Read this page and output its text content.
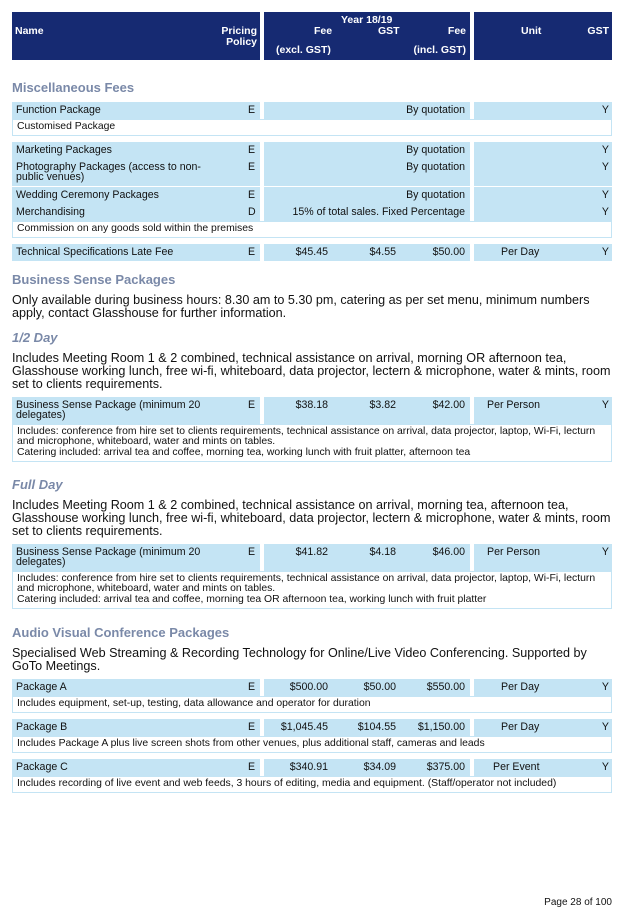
Name	Pricing
Policy
Year 18/19
Fee	GST	Fee
(excl. GST)	(incl. GST)
Unit	GST
Miscellaneous Fees
Function Package	E	By quotation	Y
Customised Package
Marketing Packages	E	By quotation	Y
Photography Packages (access to non-
public venues)
E	By quotation	Y
Wedding Ceremony Packages	E	By quotation	Y
Merchandising	D	15% of total sales. Fixed Percentage	Y
Commission on any goods sold within the premises
Technical Specifications Late Fee	E	$45.45	$4.55	$50.00	Per Day	Y
Business Sense Packages
Only available during business hours: 8.30 am to 5.30 pm, catering as per set menu, minimum numbers apply, contact Glasshouse for further information.
1/2 Day
Includes Meeting Room 1 & 2 combined, technical assistance on arrival, morning OR afternoon tea, Glasshouse working lunch, free wi-fi, whiteboard, data projector, lectern & microphone, water & mints, room set to clients requirements.
Business Sense Package (minimum 20
delegates)
E	$38.18	$3.82	$42.00 Per Person	Y
Includes: conference from hire set to clients requirements, technical assistance on arrival, data projector, laptop, Wi-Fi, lecturn
and microphone, whiteboard, water and mints on tables.
Catering included: arrival tea and coffee, morning tea, working lunch with fruit platter, afternoon tea
Full Day
Includes Meeting Room 1 & 2 combined, technical assistance on arrival, morning tea, afternoon tea, Glasshouse working lunch, free wi-fi, whiteboard, data projector, lectern & microphone, water & mints, room set to clients requirements.
Business Sense Package (minimum 20
delegates)
E	$41.82	$4.18	$46.00 Per Person	Y
Includes: conference from hire set to clients requirements, technical assistance on arrival, data projector, laptop, Wi-Fi, lecturn
and microphone, whiteboard, water and mints on tables.
Catering included: arrival tea and coffee, morning tea OR afternoon tea, working lunch with fruit platter
Audio Visual Conference Packages
Specialised Web Streaming & Recording Technology for Online/Live Video Conferencing. Supported by GoTo Meetings.
Package A	E	$500.00	$50.00	$550.00	Per Day	Y
Includes equipment, set-up, testing, data allowance and operator for duration
Package B	E $1,045.45	$104.55 $1,150.00	Per Day	Y
Includes Package A plus live screen shots from other venues, plus additional staff, cameras and leads
Package C	E	$340.91	$34.09	$375.00	Per Event	Y
Includes recording of live event and web feeds, 3 hours of editing, media and equipment. (Staff/operator not included)
Page 28 of 100
